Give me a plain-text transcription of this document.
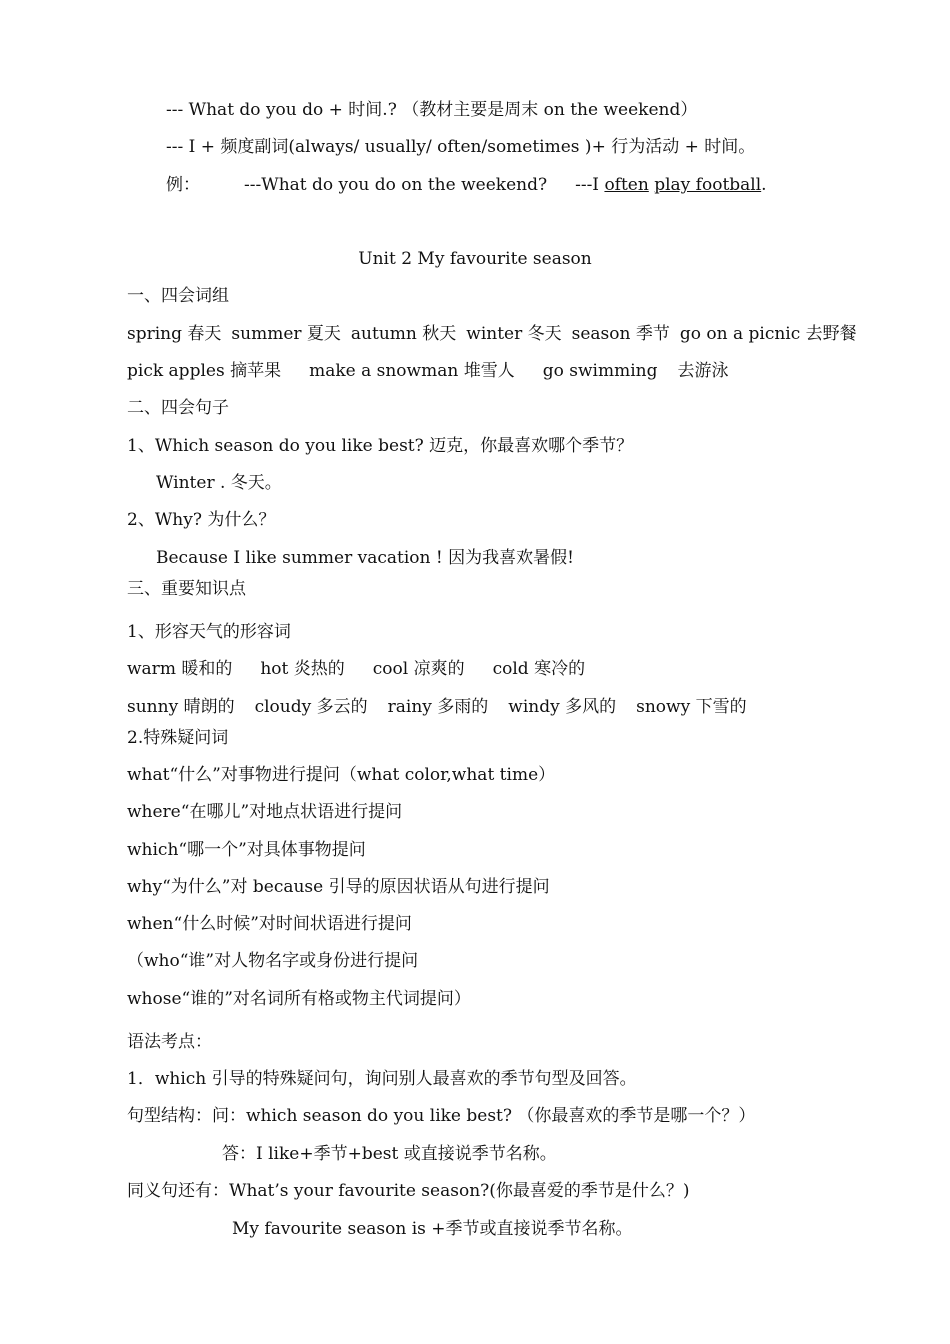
--- What do you do + 时间.? （教材主要是周末 on the weekend）
--- I + 频度副词(always/ usually/ often/sometimes )+ 行为活动 + 时间。
例：	---What do you do on the weekend? ---I often play football.
Unit 2 My favourite season
一、四会词组
spring 春天 summer 夏天 autumn 秋天 winter 冬天 season 季节 go on a picnic 去野餐
pick apples 摘苹果 make a snowman 堆雪人 go swimming 去游泳
二、四会句子
1、Which season do you like best? 迈克，你最喜欢哪个季节？
Winter . 冬天。
2、Why? 为什么？
Because I like summer vacation ! 因为我喜欢暑假!
三、重要知识点
1、形容天气的形容词
warm 暖和的 hot 炎热的 cool 凉爽的 cold 寒冷的
sunny 晴朗的 cloudy 多云的 rainy 多雨的 windy 多风的 snowy 下雪的
2.特殊疑问词
what“什么”对事物进行提问（what color,what time）
where“在哪儿”对地点状语进行提问
which“哪一个”对具体事物提问
why“为什么”对 because 引导的原因状语从句进行提问
when“什么时候”对时间状语进行提问
（who“谁”对人物名字或身份进行提问
whose“谁的”对名词所有格或物主代词提问）
语法考点：
1．which 引导的特殊疑问句，询问别人最喜欢的季节句型及回答。
句型结构：问：which season do you like best? （你最喜欢的季节是哪一个？）
答：I like+季节+best 或直接说季节名称。
同义句还有：What’s your favourite season?(你最喜爱的季节是什么？)
My favourite season is +季节或直接说季节名称。
